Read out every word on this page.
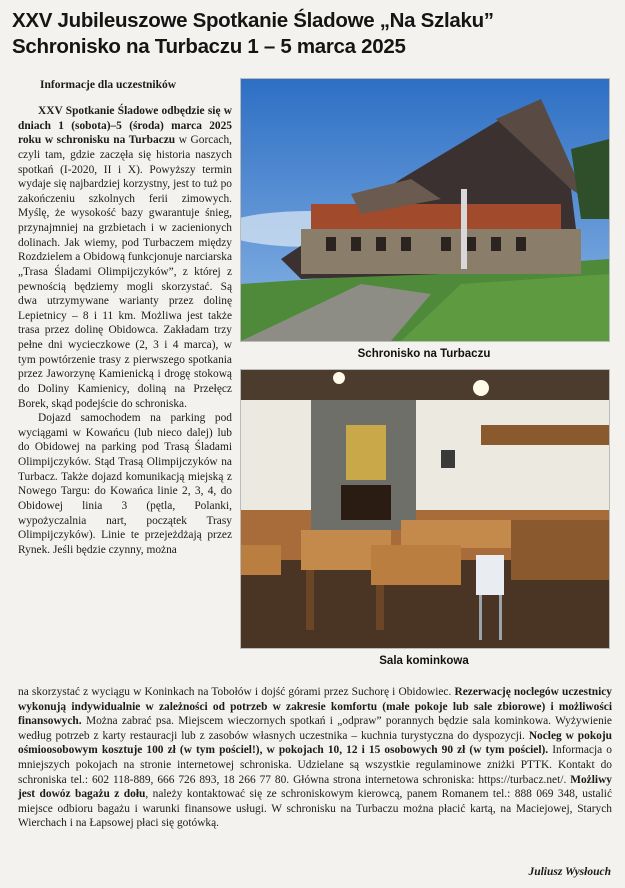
XXV Jubileuszowe Spotkanie Śladowe „Na Szlaku”
Schronisko na Turbaczu 1 – 5 marca 2025
Informacje dla uczestników

XXV Spotkanie Śladowe odbędzie się w dniach 1 (sobota)–5 (środa) marca 2025 roku w schronisku na Turbaczu w Gorcach, czyli tam, gdzie zaczęła się historia naszych spotkań (I-2020, II i X). Powyższy termin wydaje się najbardziej korzystny, jest to tuż po zakończeniu szkolnych ferii zimowych. Myślę, że wysokość bazy gwarantuje śnieg, przynajmniej na grzbietach i w zacienionych dolinach. Jak wiemy, pod Turbaczem między Rozdzielem a Obidową funkcjonuje narciarska „Trasa Śladami Olimpijczyków”, z której z pewnością będziemy mogli skorzystać. Są dwa utrzymywane warianty przez dolinę Lepietnicy – 8 i 11 km. Możliwa jest także trasa przez dolinę Obidowca. Zakładam trzy pełne dni wycieczkowe (2, 3 i 4 marca), w tym powtórzenie trasy z pierwszego spotkania przez Jaworzynę Kamienicką i drogę stokową do Doliny Kamienicy, doliną na Przełęcz Borek, skąd podejście do schroniska.

Dojazd samochodem na parking pod wyciągami w Kowańcu (lub nieco dalej) lub do Obidowej na parking pod Trasą Śladami Olimpijczyków. Stąd Trasą Olimpijczyków na Turbacz. Także dojazd komunikacją miejską z Nowego Targu: do Kowańca linie 2, 3, 4, do Obidowej linia 3 (pętla, Polanki, wypożyczalnia nart, początek Trasy Olimpijczyków). Linie te przejeżdżają przez Rynek. Jeśli będzie czynny, można

Schronisko na Turbaczu
Sala kominkowa
na skorzystać z wyciągu w Koninkach na Tobołów i dojść górami przez Suchorę i Obidowiec. Rezerwację noclegów uczestnicy wykonują indywidualnie w zależności od potrzeb w zakresie komfortu (małe pokoje lub sale zbiorowe) i możliwości finansowych. Można zabrać psa. Miejscem wieczornych spotkań i „odpraw” porannych będzie sala kominkowa. Wyżywienie według potrzeb z karty restauracji lub z zasobów własnych uczestnika – kuchnia turystyczna do dyspozycji. Nocleg w pokoju ośmioosobowym kosztuje 100 zł (w tym pościel!), w pokojach 10, 12 i 15 osobowych 90 zł (w tym pościel). Informacja o mniejszych pokojach na stronie internetowej schroniska. Udzielane są wszystkie regulaminowe zniżki PTTK. Kontakt do schroniska tel.: 602 118-889, 666 726 893, 18 266 77 80. Główna strona internetowa schroniska: https://turbacz.net/. Możliwy jest dowóz bagażu z dołu, należy kontaktować się ze schroniskowym kierowcą, panem Romanem tel.: 888 069 348, ustalić miejsce odbioru bagażu i warunki finansowe usługi. W schronisku na Turbaczu można płacić kartą, na Maciejowej, Starych Wierchach i na Łapsowej płaci się gotówką.
Juliusz Wysłouch
